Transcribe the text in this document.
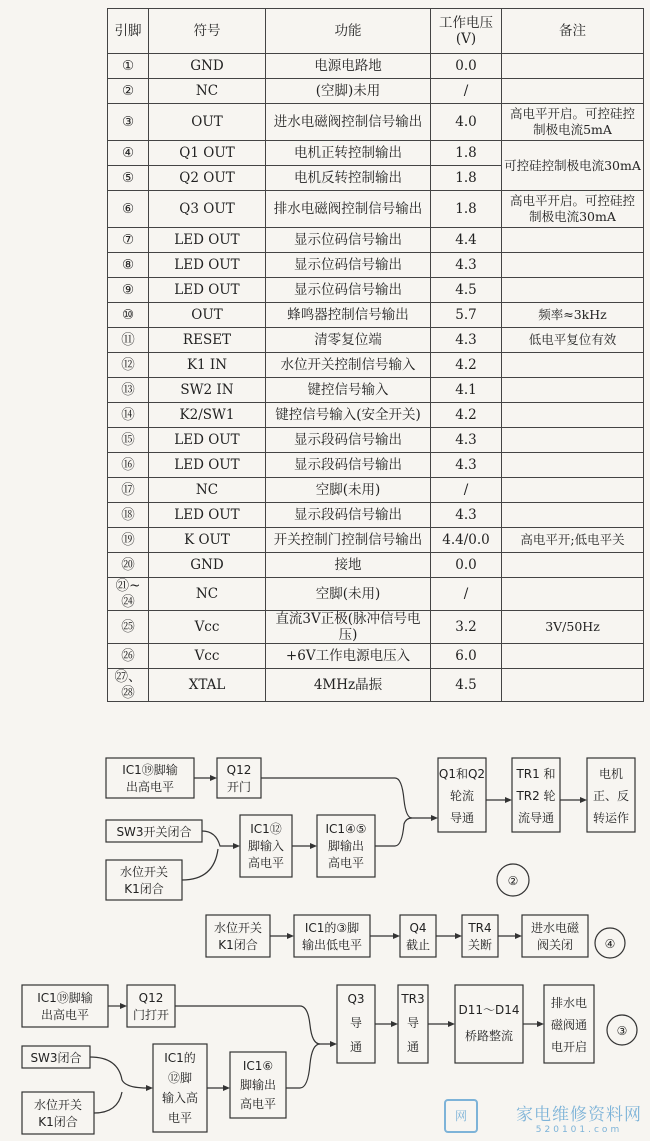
引脚	符号	功能	工作电压(V)	备注
①	GND	电源电路地	0.0	
②	NC	(空脚)未用	/	
③	OUT	进水电磁阀控制信号输出	4.0	高电平开启。可控硅控制极电流5mA
④	Q1 OUT	电机正转控制输出	1.8	可控硅控制极电流30mA
⑤	Q2 OUT	电机反转控制输出	1.8	
⑥	Q3 OUT	排水电磁阀控制信号输出	1.8	高电平开启。可控硅控制极电流30mA
⑦	LED OUT	显示位码信号输出	4.4	
⑧	LED OUT	显示位码信号输出	4.3	
⑨	LED OUT	显示位码信号输出	4.5	
⑩	OUT	蜂鸣器控制信号输出	5.7	频率≈3kHz
⑪	RESET	清零复位端	4.3	低电平复位有效
⑫	K1 IN	水位开关控制信号输入	4.2	
⑬	SW2 IN	键控信号输入	4.1	
⑭	K2/SW1	键控信号输入(安全开关)	4.2	
⑮	LED OUT	显示段码信号输出	4.3	
⑯	LED OUT	显示段码信号输出	4.3	
⑰	NC	空脚(未用)	/	
⑱	LED OUT	显示段码信号输出	4.3	
⑲	K OUT	开关控制门控制信号输出	4.4/0.0	高电平开;低电平关
⑳	GND	接地	0.0	
㉑~㉔	NC	空脚(未用)	/	
㉕	Vcc	直流3V正极(脉冲信号电压)	3.2	3V/50Hz
㉖	Vcc	+6V工作电源电压入	6.0	
㉗、㉘	XTAL	4MHz晶振	4.5	
IC1⑲脚输
出高电平
Q12
开门
SW3开关闭合
水位开关
K1闭合
IC1⑫
脚输入
高电平
IC1④⑤
脚输出
高电平
Q1和Q2
轮流
导通
TR1 和
TR2 轮
流导通
电机
正、反
转运作
②
水位开关
K1闭合
IC1的③脚
输出低电平
Q4
截止
TR4
关断
进水电磁
阀关闭	④
IC1⑲脚输
出高电平
Q12
门打开
SW3闭合
水位开关
K1闭合
IC1的
⑫脚
输入高
电平
IC1⑥
脚输出
高电平
Q3
导
通
TR3
导
通
D11～D14
桥路整流
排水电
磁阀通
电开启
③
网	家电维修资料网
520101.com
